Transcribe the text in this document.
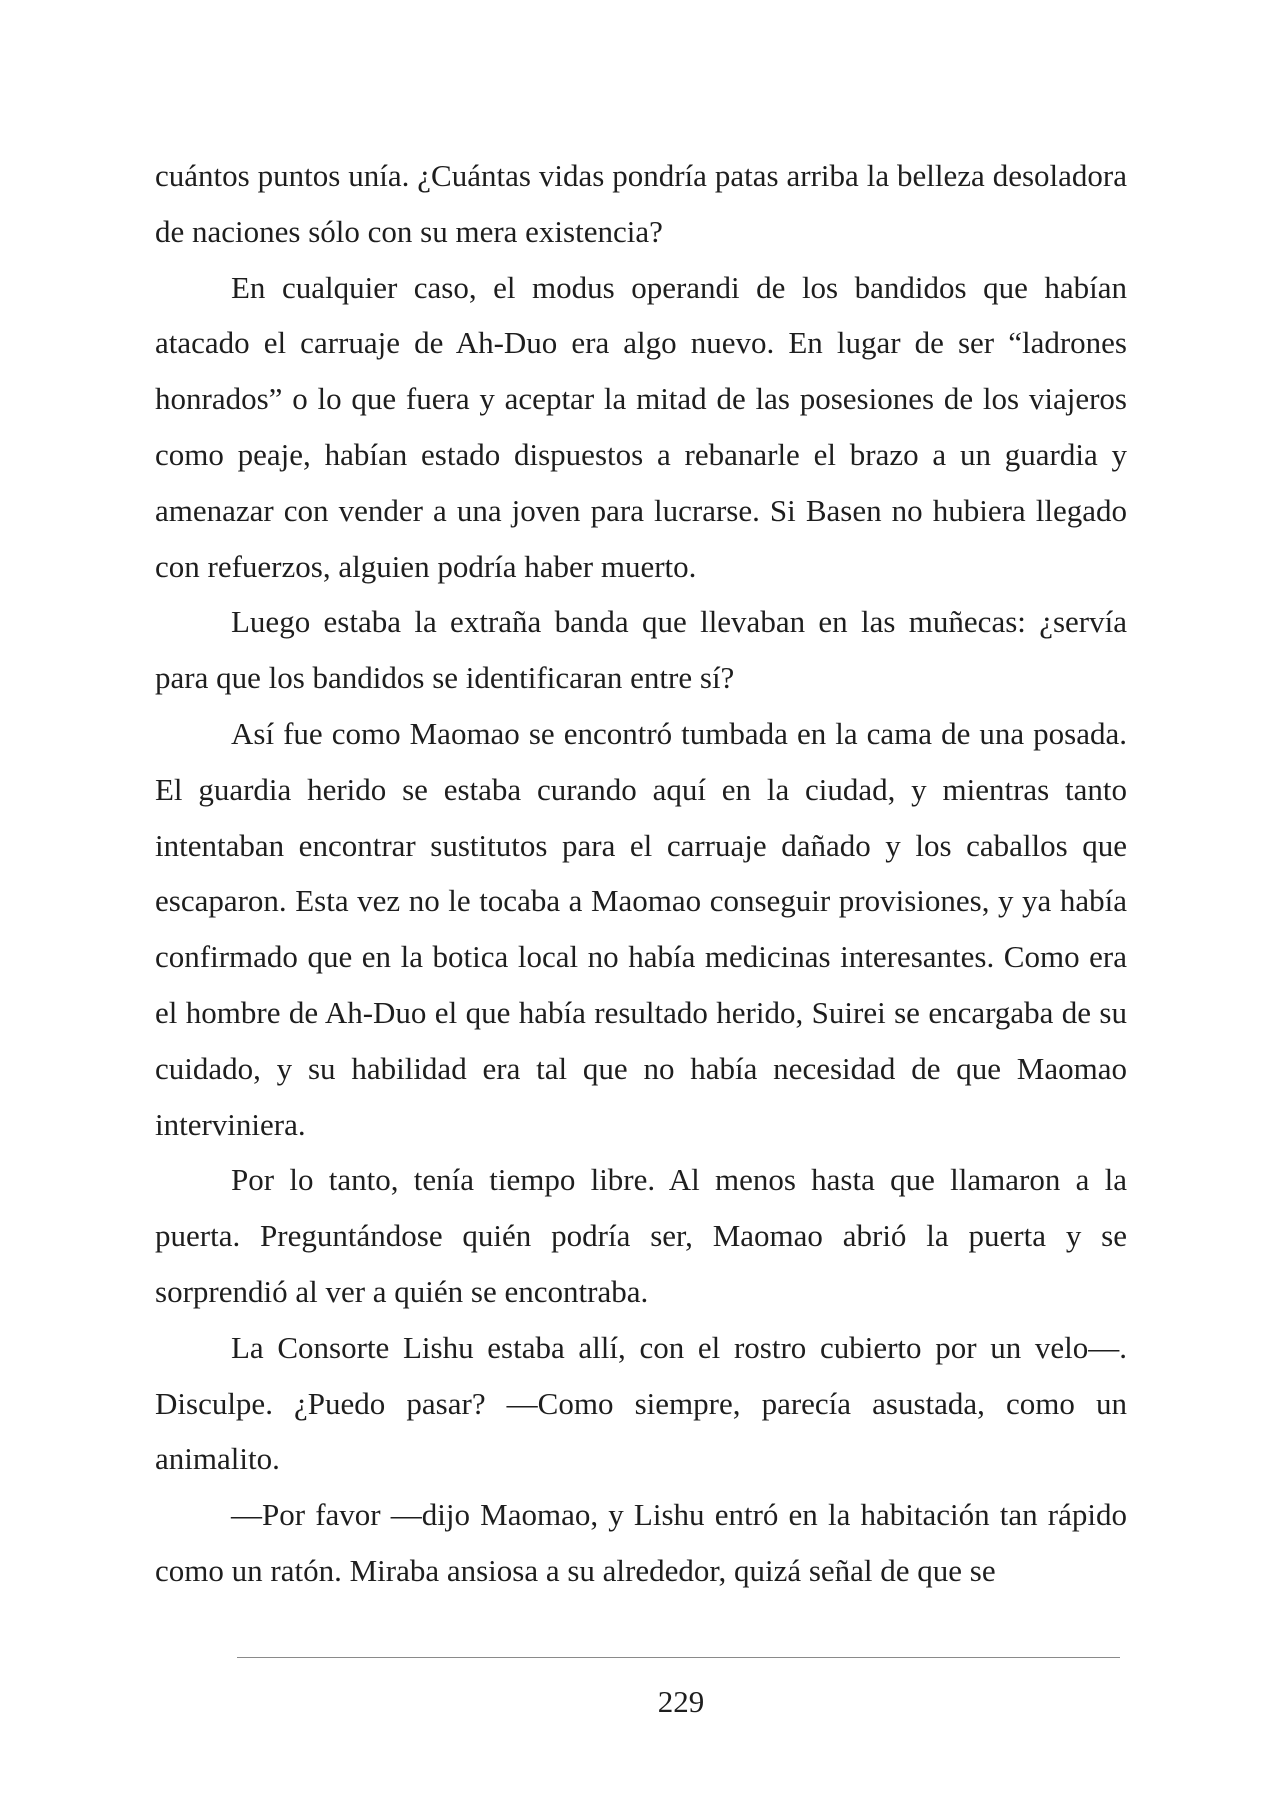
cuántos puntos unía. ¿Cuántas vidas pondría patas arriba la belleza desoladora de naciones sólo con su mera existencia?

En cualquier caso, el modus operandi de los bandidos que habían atacado el carruaje de Ah-Duo era algo nuevo. En lugar de ser “ladrones honrados” o lo que fuera y aceptar la mitad de las posesiones de los viajeros como peaje, habían estado dispuestos a rebanarle el brazo a un guardia y amenazar con vender a una joven para lucrarse. Si Basen no hubiera llegado con refuerzos, alguien podría haber muerto.

Luego estaba la extraña banda que llevaban en las muñecas: ¿servía para que los bandidos se identificaran entre sí?

Así fue como Maomao se encontró tumbada en la cama de una posada. El guardia herido se estaba curando aquí en la ciudad, y mientras tanto intentaban encontrar sustitutos para el carruaje dañado y los caballos que escaparon. Esta vez no le tocaba a Maomao conseguir provisiones, y ya había confirmado que en la botica local no había medicinas interesantes. Como era el hombre de Ah-Duo el que había resultado herido, Suirei se encargaba de su cuidado, y su habilidad era tal que no había necesidad de que Maomao interviniera.

Por lo tanto, tenía tiempo libre. Al menos hasta que llamaron a la puerta. Preguntándose quién podría ser, Maomao abrió la puerta y se sorprendió al ver a quién se encontraba.

La Consorte Lishu estaba allí, con el rostro cubierto por un velo—. Disculpe. ¿Puedo pasar? —Como siempre, parecía asustada, como un animalito.

—Por favor —dijo Maomao, y Lishu entró en la habitación tan rápido como un ratón. Miraba ansiosa a su alrededor, quizá señal de que se

229
